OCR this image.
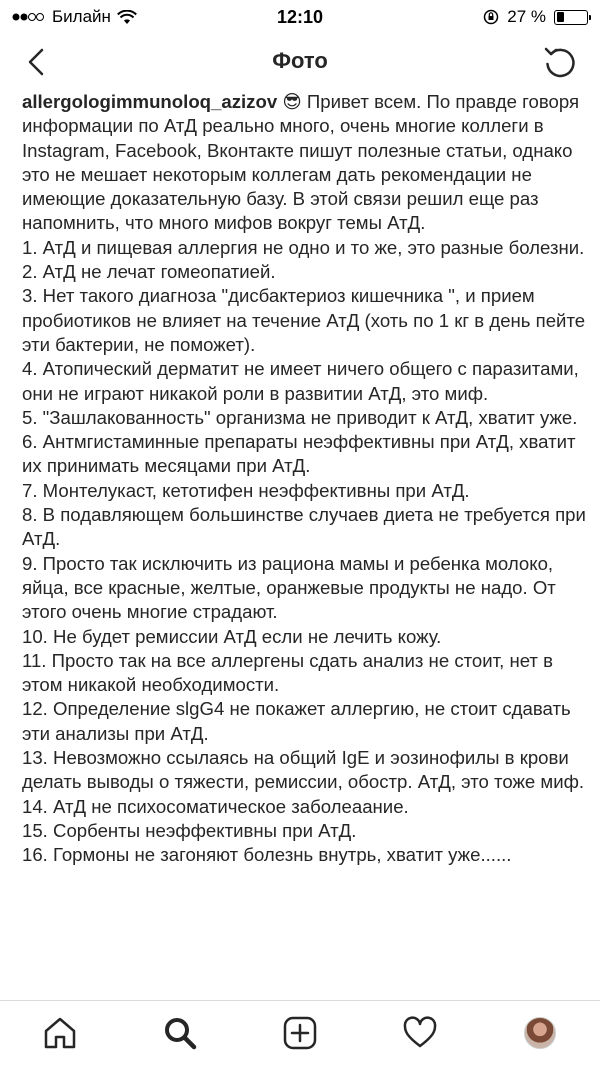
Билайн	12:10	27 %
Фото
allergologimmunoloq_azizov 😎 Привет всем. По правде говоря информации по АтД реально много, очень многие коллеги в Instagram, Facebook, Вконтакте пишут полезные статьи, однако это не мешает некоторым коллегам дать рекомендации не имеющие доказательную базу. В этой связи решил еще раз напомнить, что много мифов вокруг темы АтД.
1. АтД и пищевая аллергия не одно и то же, это разные болезни.
2. АтД не лечат гомеопатией.
3. Нет такого диагноза "дисбактериоз кишечника ", и прием пробиотиков не влияет на течение АтД (хоть по 1 кг в день пейте эти бактерии, не поможет).
4. Атопический дерматит не имеет ничего общего с паразитами, они не играют никакой роли в развитии АтД, это миф.
5. "Зашлакованность" организма не приводит к АтД, хватит уже.
6. Антмгистаминные препараты неэффективны при АтД, хватит их принимать месяцами при АтД.
7. Монтелукаст, кетотифен неэффективны при АтД.
8. В подавляющем большинстве случаев диета не требуется при АтД.
9. Просто так исключить из рациона мамы и ребенка молоко, яйца, все красные, желтые, оранжевые продукты не надо. От этого очень многие страдают.
10. Не будет ремиссии АтД если не лечить кожу.
11. Просто так на все аллергены сдать анализ не стоит, нет в этом никакой необходимости.
12. Определение slgG4 не покажет аллергию, не стоит сдавать эти анализы при АтД.
13. Невозможно ссылаясь на общий IgE и эозинофилы в крови делать выводы о тяжести, ремиссии, обостр. АтД, это тоже миф.
14. АтД не психосоматическое заболеаание.
15. Сорбенты неэффективны при АтД.
16. Гормоны не загоняют болезнь внутрь, хватит уже......
